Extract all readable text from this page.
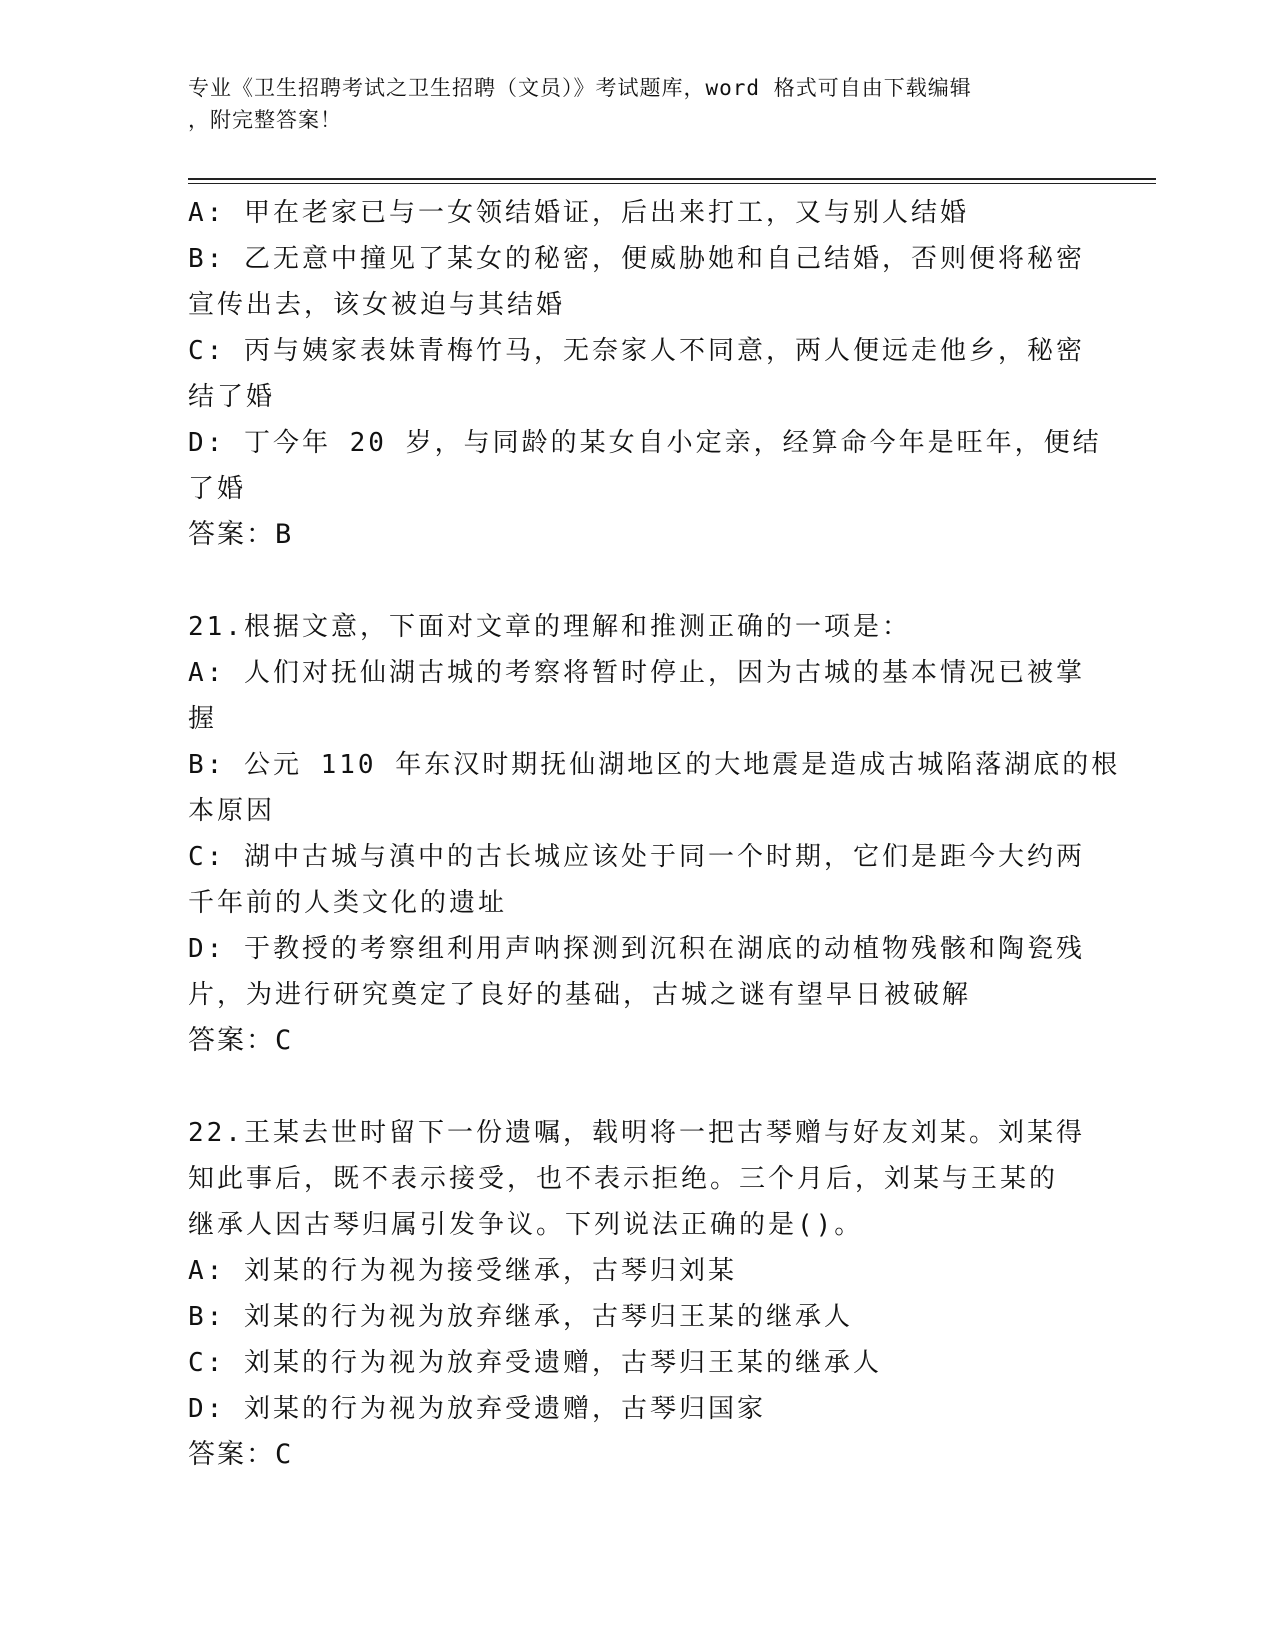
专业《卫生招聘考试之卫生招聘（文员）》考试题库，word 格式可自由下载编辑
，附完整答案！
A: 甲在老家已与一女领结婚证，后出来打工，又与别人结婚
B: 乙无意中撞见了某女的秘密，便威胁她和自己结婚，否则便将秘密
宣传出去，该女被迫与其结婚
C: 丙与姨家表妹青梅竹马，无奈家人不同意，两人便远走他乡，秘密
结了婚
D: 丁今年 20 岁，与同龄的某女自小定亲，经算命今年是旺年，便结
了婚
答案：B
21.根据文意，下面对文章的理解和推测正确的一项是：
A: 人们对抚仙湖古城的考察将暂时停止，因为古城的基本情况已被掌
握
B: 公元 110 年东汉时期抚仙湖地区的大地震是造成古城陷落湖底的根
本原因
C: 湖中古城与滇中的古长城应该处于同一个时期，它们是距今大约两
千年前的人类文化的遗址
D: 于教授的考察组利用声呐探测到沉积在湖底的动植物残骸和陶瓷残
片，为进行研究奠定了良好的基础，古城之谜有望早日被破解
答案：C
22.王某去世时留下一份遗嘱，载明将一把古琴赠与好友刘某。刘某得
知此事后，既不表示接受，也不表示拒绝。三个月后，刘某与王某的
继承人因古琴归属引发争议。下列说法正确的是()。
A: 刘某的行为视为接受继承，古琴归刘某
B: 刘某的行为视为放弃继承，古琴归王某的继承人
C: 刘某的行为视为放弃受遗赠，古琴归王某的继承人
D: 刘某的行为视为放弃受遗赠，古琴归国家
答案：C
